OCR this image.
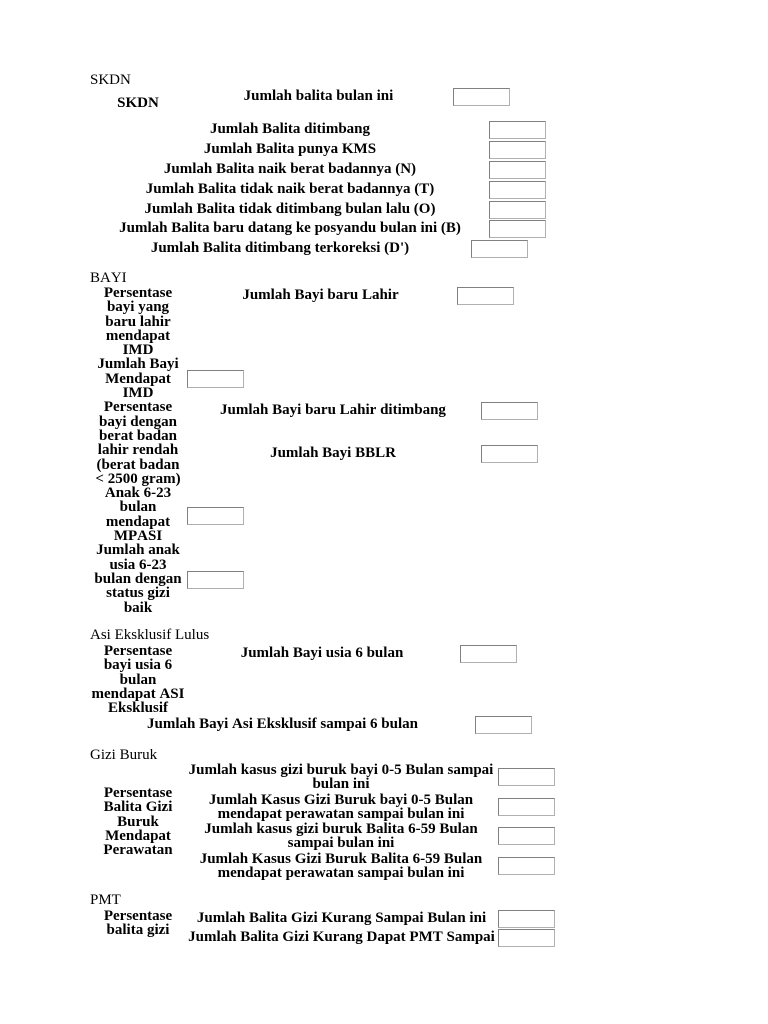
SKDN
SKDN	Jumlah balita bulan ini
Jumlah Balita ditimbang
Jumlah Balita punya KMS
Jumlah Balita naik berat badannya (N)
Jumlah Balita tidak naik berat badannya (T)
Jumlah Balita tidak ditimbang bulan lalu (O)
Jumlah Balita baru datang ke posyandu bulan ini (B)
Jumlah Balita ditimbang terkoreksi (D')
BAYI
Persentase bayi yang baru lahir mendapat IMD
Jumlah Bayi Mendapat IMD
Persentase bayi dengan berat badan lahir rendah (berat badan < 2500 gram)
Anak 6-23 bulan mendapat MPASI
Jumlah anak usia 6-23 bulan dengan status gizi baik
Jumlah Bayi baru Lahir
Jumlah Bayi baru Lahir ditimbang
Jumlah Bayi BBLR
Asi Eksklusif Lulus
Persentase bayi usia 6 bulan mendapat ASI Eksklusif
Jumlah Bayi usia 6 bulan
Jumlah Bayi Asi Eksklusif sampai 6 bulan
Gizi Buruk
Persentase Balita Gizi Buruk Mendapat Perawatan
Jumlah kasus gizi buruk bayi 0-5 Bulan sampai bulan ini
Jumlah Kasus Gizi Buruk bayi 0-5 Bulan mendapat perawatan sampai bulan ini
Jumlah kasus gizi buruk Balita 6-59 Bulan sampai bulan ini
Jumlah Kasus Gizi Buruk Balita 6-59 Bulan mendapat perawatan sampai bulan ini
PMT
Persentase balita gizi
Jumlah Balita Gizi Kurang Sampai Bulan ini
Jumlah Balita Gizi Kurang Dapat PMT Sampai
